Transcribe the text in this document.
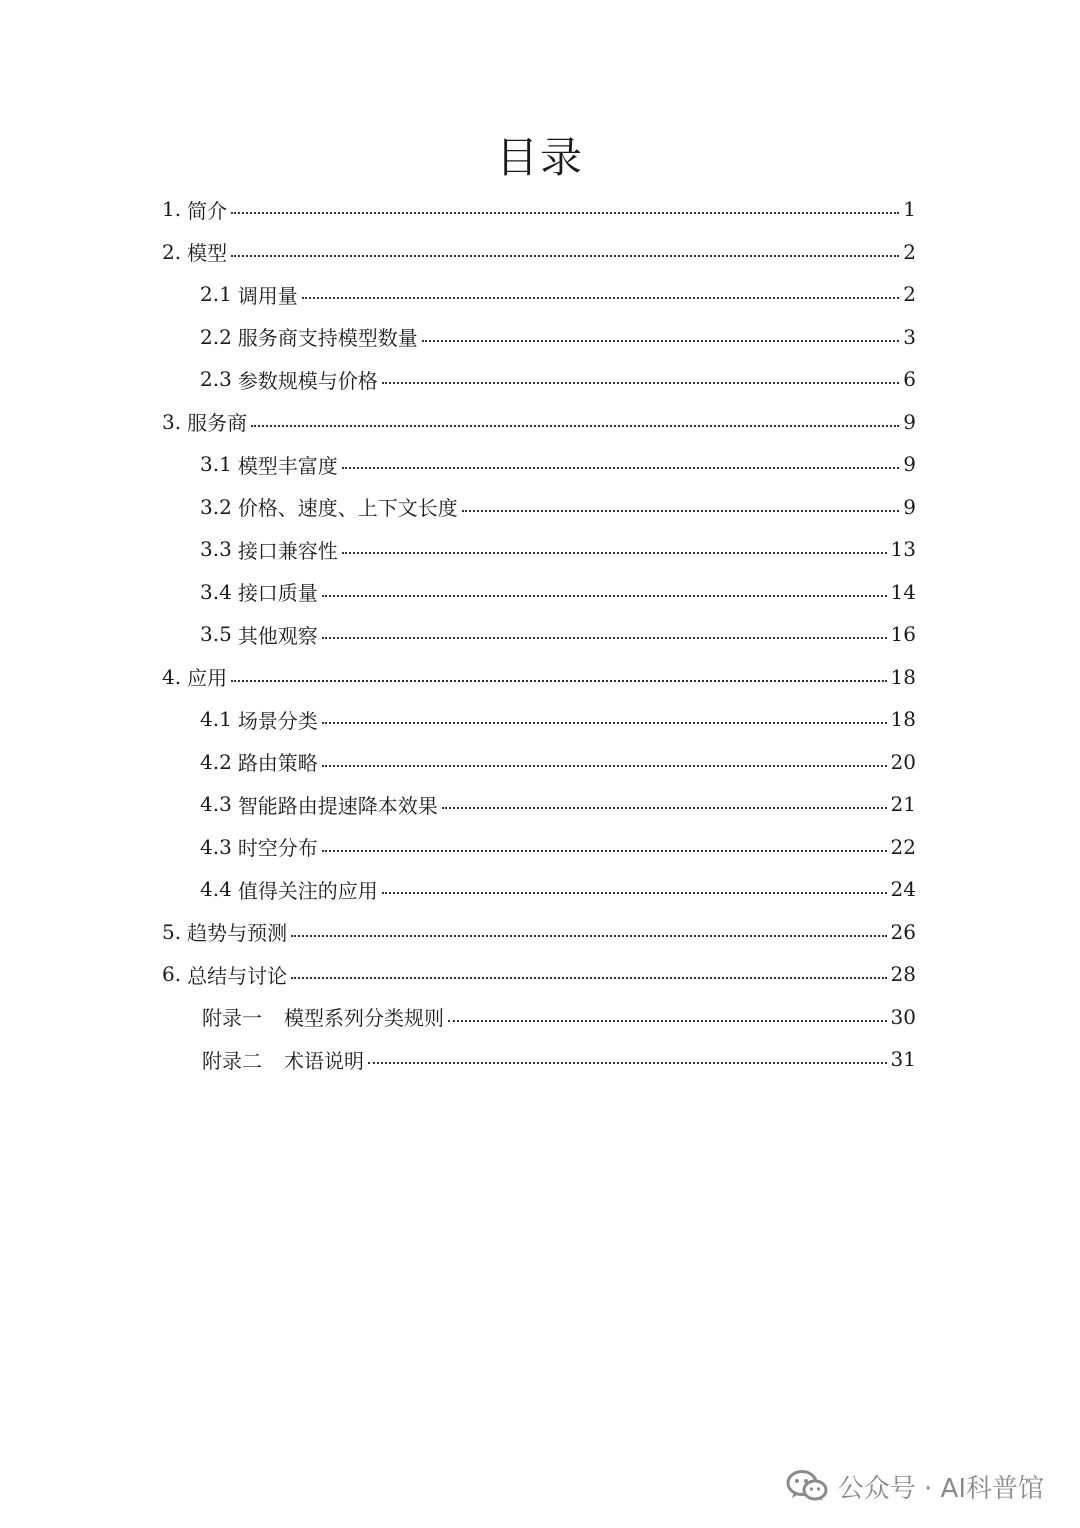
目录
1. 简介	1
2. 模型	2
2.1 调用量	2
2.2 服务商支持模型数量	3
2.3 参数规模与价格	6
3. 服务商	9
3.1 模型丰富度	9
3.2 价格、速度、上下文长度	9
3.3 接口兼容性	13
3.4 接口质量	14
3.5 其他观察	16
4. 应用	18
4.1 场景分类	18
4.2 路由策略	20
4.3 智能路由提速降本效果	21
4.3 时空分布	22
4.4 值得关注的应用	24
5. 趋势与预测	26
6. 总结与讨论	28
附录一 模型系列分类规则	30
附录二 术语说明	31
公众号 · AI科普馆
